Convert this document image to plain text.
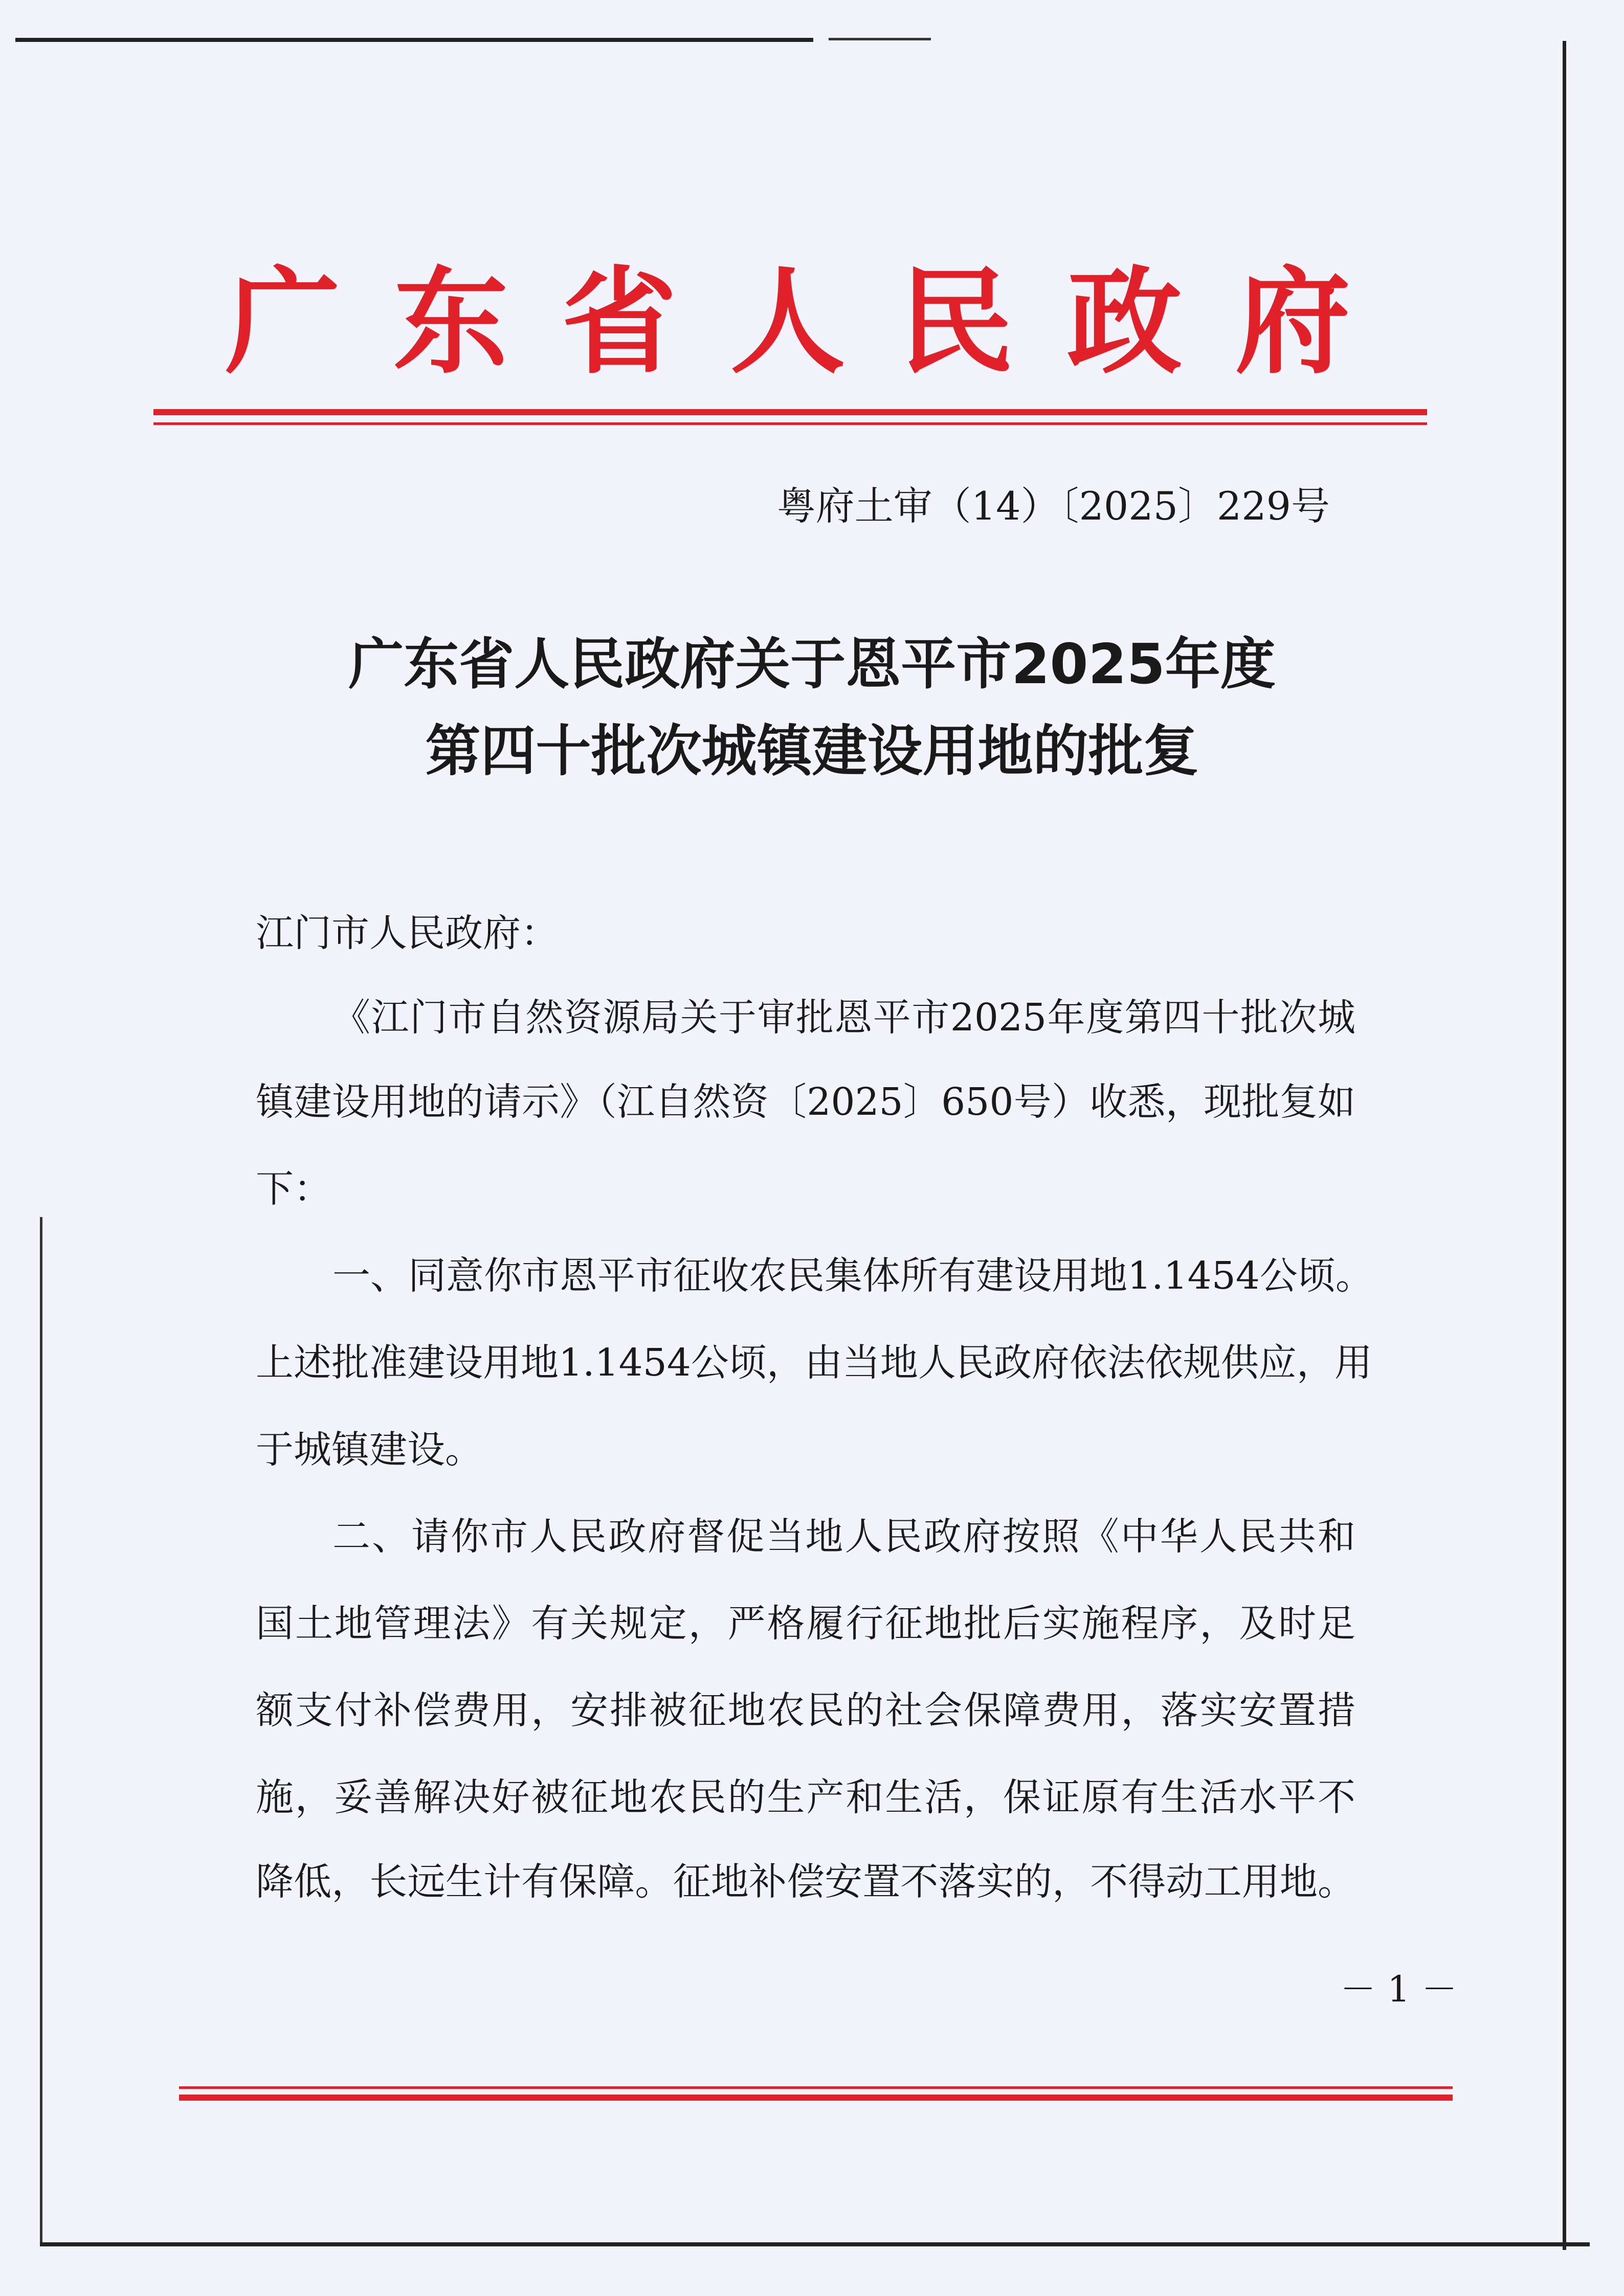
广 东 省 人 民 政 府
粤府土审（14）〔2025〕229号
广东省人民政府关于恩平市2025年度
第四十批次城镇建设用地的批复
江门市人民政府：
《江门市自然资源局关于审批恩平市2025年度第四十批次城
镇建设用地的请示》（江自然资〔2025〕650号）收悉，现批复如
下：
一、同意你市恩平市征收农民集体所有建设用地1.1454公顷。
上述批准建设用地1.1454公顷，由当地人民政府依法依规供应，用
于城镇建设。
二、请你市人民政府督促当地人民政府按照《中华人民共和
国土地管理法》有关规定，严格履行征地批后实施程序，及时足
额支付补偿费用，安排被征地农民的社会保障费用，落实安置措
施，妥善解决好被征地农民的生产和生活，保证原有生活水平不
降低，长远生计有保障。征地补偿安置不落实的，不得动工用地。
－ 1 －
